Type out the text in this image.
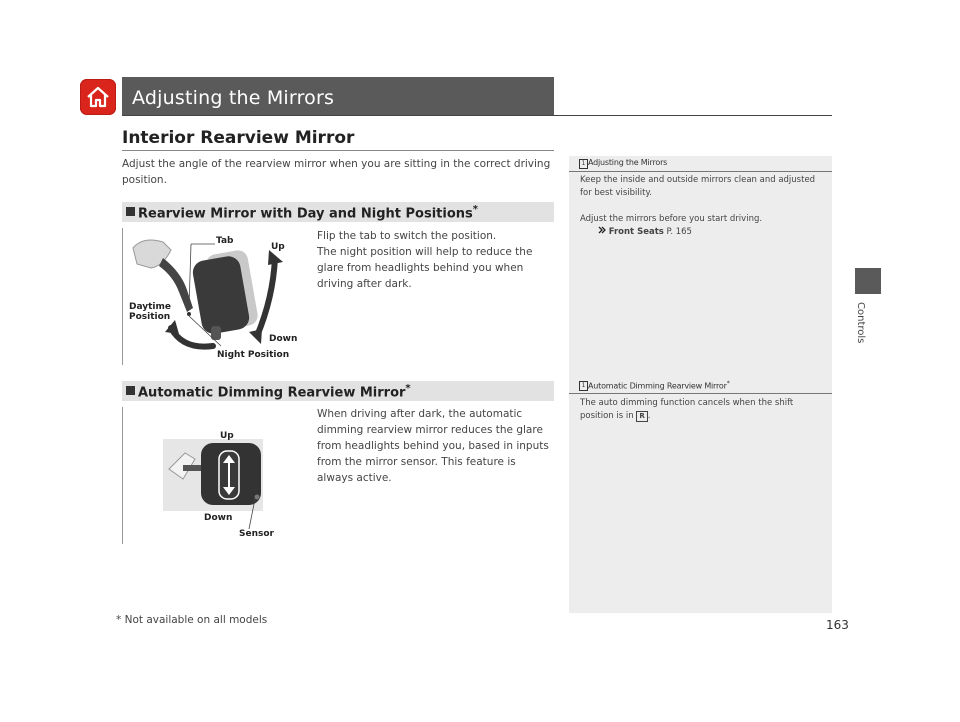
Adjusting the Mirrors
Interior Rearview Mirror
Adjust the angle of the rearview mirror when you are sitting in the correct driving position.
Controls
Rearview Mirror with Day and Night Positions*
Tab
Up
Daytime
Position
Down
Night Position
Flip the tab to switch the position.
The night position will help to reduce the glare from headlights behind you when driving after dark.
Automatic Dimming Rearview Mirror*
Up
Down
Sensor
When driving after dark, the automatic dimming rearview mirror reduces the glare from headlights behind you, based in inputs from the mirror sensor. This feature is always active.
1 Adjusting the Mirrors
Keep the inside and outside mirrors clean and adjusted for best visibility.
Adjust the mirrors before you start driving.
Front Seats P. 165
1 Automatic Dimming Rearview Mirror*
The auto dimming function cancels when the shift position is in R .
* Not available on all models	163
